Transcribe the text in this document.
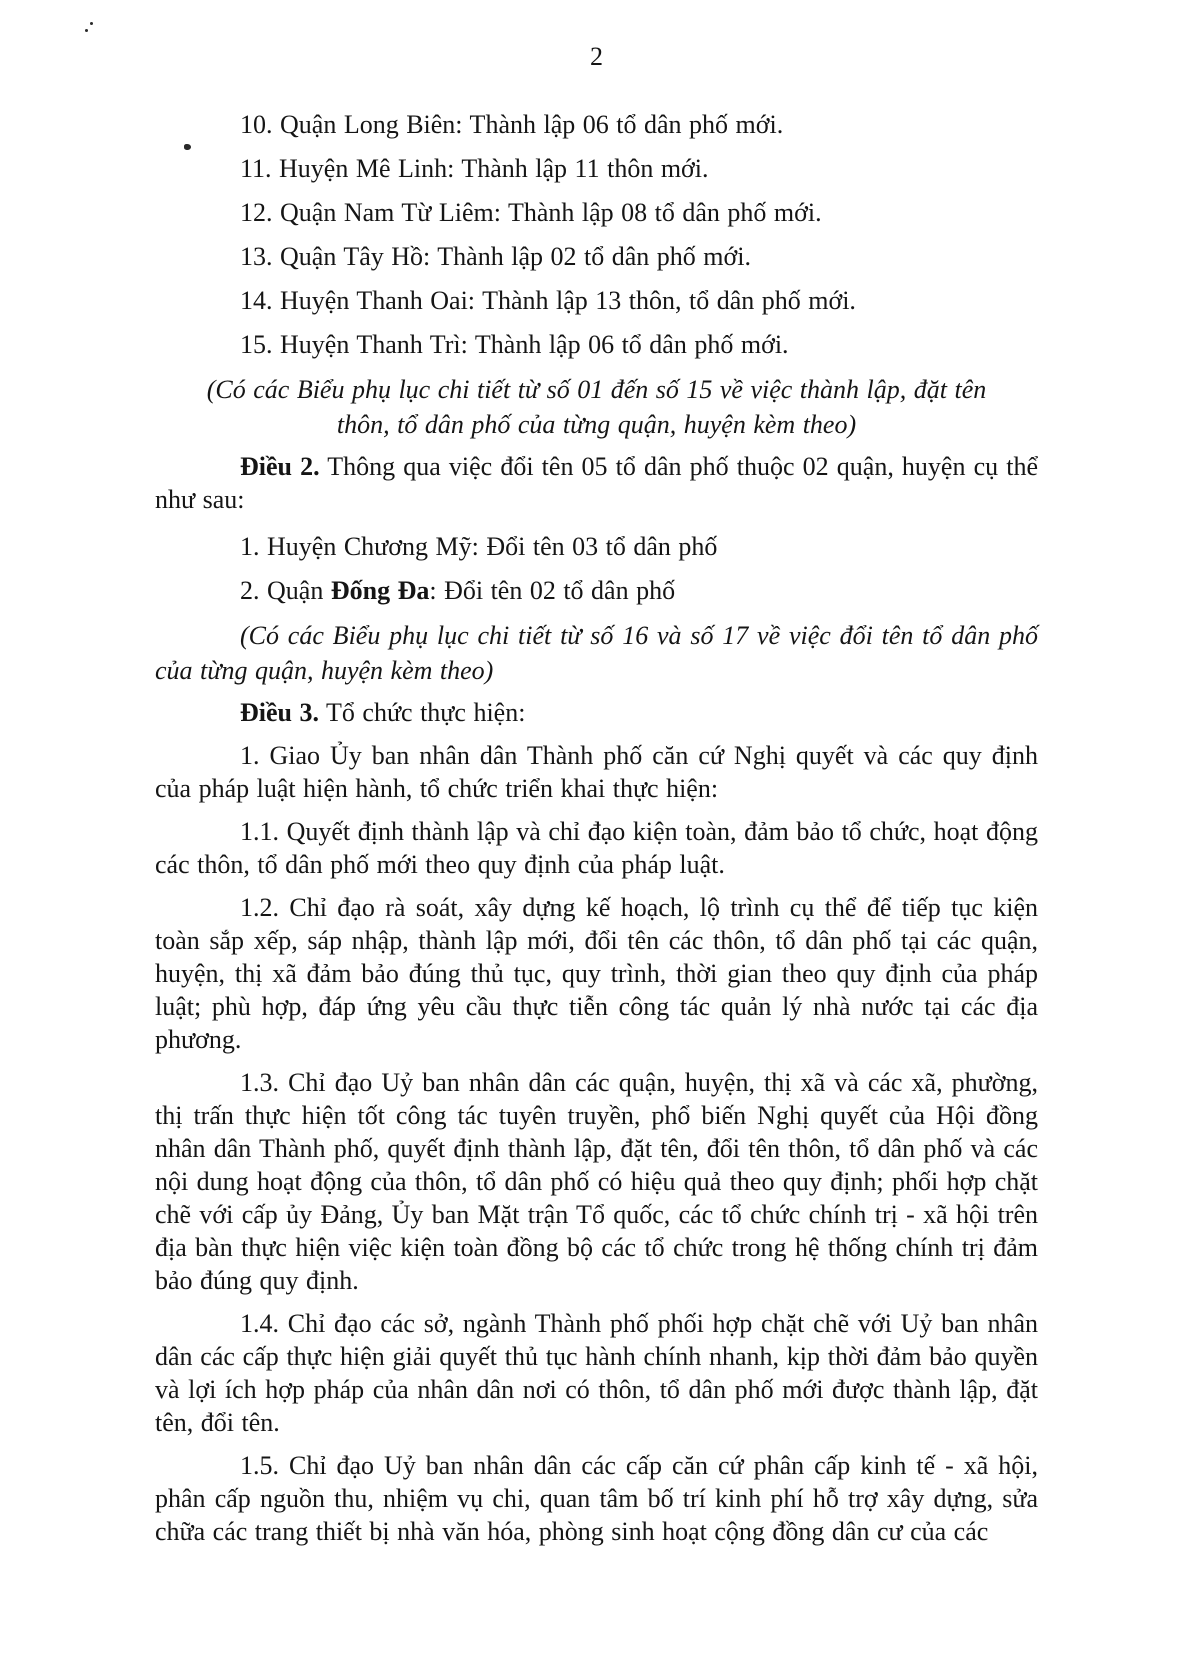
2

10. Quận Long Biên: Thành lập 06 tổ dân phố mới.

11. Huyện Mê Linh: Thành lập 11 thôn mới.

12. Quận Nam Từ Liêm: Thành lập 08 tổ dân phố mới.

13. Quận Tây Hồ: Thành lập 02 tổ dân phố mới.

14. Huyện Thanh Oai: Thành lập 13 thôn, tổ dân phố mới.

15. Huyện Thanh Trì: Thành lập 06 tổ dân phố mới.

(Có các Biểu phụ lục chi tiết từ số 01 đến số 15 về việc thành lập, đặt tên thôn, tổ dân phố của từng quận, huyện kèm theo)

Điều 2. Thông qua việc đổi tên 05 tổ dân phố thuộc 02 quận, huyện cụ thể như sau:

1. Huyện Chương Mỹ: Đổi tên 03 tổ dân phố

2. Quận Đống Đa: Đổi tên 02 tổ dân phố

(Có các Biểu phụ lục chi tiết từ số 16 và số 17 về việc đổi tên tổ dân phố của từng quận, huyện kèm theo)

Điều 3. Tổ chức thực hiện:

1. Giao Ủy ban nhân dân Thành phố căn cứ Nghị quyết và các quy định của pháp luật hiện hành, tổ chức triển khai thực hiện:

1.1. Quyết định thành lập và chỉ đạo kiện toàn, đảm bảo tổ chức, hoạt động các thôn, tổ dân phố mới theo quy định của pháp luật.

1.2. Chỉ đạo rà soát, xây dựng kế hoạch, lộ trình cụ thể để tiếp tục kiện toàn sắp xếp, sáp nhập, thành lập mới, đổi tên các thôn, tổ dân phố tại các quận, huyện, thị xã đảm bảo đúng thủ tục, quy trình, thời gian theo quy định của pháp luật; phù hợp, đáp ứng yêu cầu thực tiễn công tác quản lý nhà nước tại các địa phương.

1.3. Chỉ đạo Uỷ ban nhân dân các quận, huyện, thị xã và các xã, phường, thị trấn thực hiện tốt công tác tuyên truyền, phổ biến Nghị quyết của Hội đồng nhân dân Thành phố, quyết định thành lập, đặt tên, đổi tên thôn, tổ dân phố và các nội dung hoạt động của thôn, tổ dân phố có hiệu quả theo quy định; phối hợp chặt chẽ với cấp ủy Đảng, Ủy ban Mặt trận Tổ quốc, các tổ chức chính trị - xã hội trên địa bàn thực hiện việc kiện toàn đồng bộ các tổ chức trong hệ thống chính trị đảm bảo đúng quy định.

1.4. Chỉ đạo các sở, ngành Thành phố phối hợp chặt chẽ với Uỷ ban nhân dân các cấp thực hiện giải quyết thủ tục hành chính nhanh, kịp thời đảm bảo quyền và lợi ích hợp pháp của nhân dân nơi có thôn, tổ dân phố mới được thành lập, đặt tên, đổi tên.

1.5. Chỉ đạo Uỷ ban nhân dân các cấp căn cứ phân cấp kinh tế - xã hội, phân cấp nguồn thu, nhiệm vụ chi, quan tâm bố trí kinh phí hỗ trợ xây dựng, sửa chữa các trang thiết bị nhà văn hóa, phòng sinh hoạt cộng đồng dân cư của các
